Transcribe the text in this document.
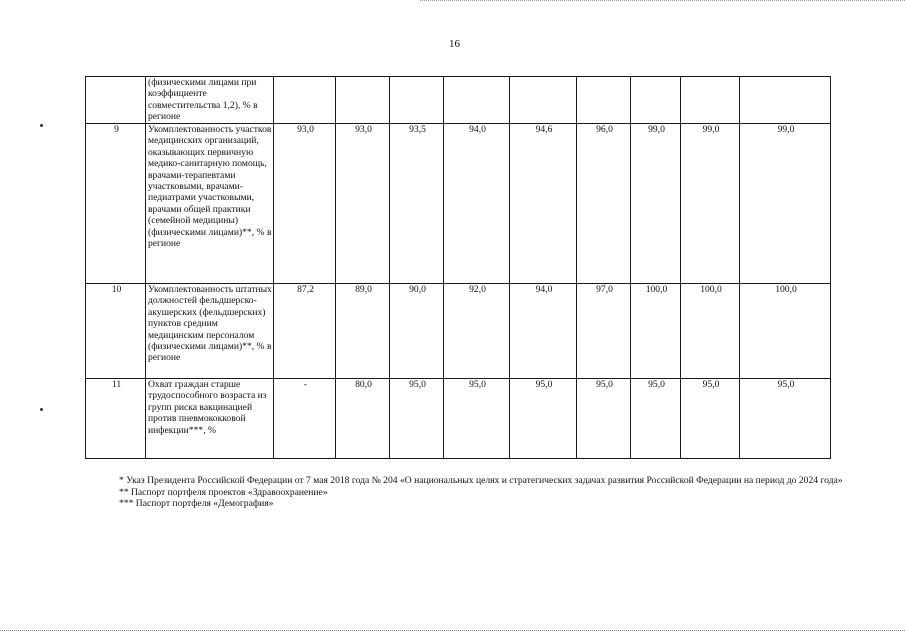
16
	(физическими лицами при коэффициенте совместительства 1,2), % в регионе									
9	Укомплектованность участков медицинских организаций, оказывающих первичную медико-санитарную помощь, врачами-терапевтами участковыми, врачами-педиатрами участковыми, врачами общей практики (семейной медицины) (физическими лицами)**, % в регионе	93,0	93,0	93,5	94,0	94,6	96,0	99,0	99,0	99,0
10	Укомплектованность штатных должностей фельдшерско-акушерских (фельдшерских) пунктов средним медицинским персоналом (физическими лицами)**, % в регионе	87,2	89,0	90,0	92,0	94,0	97,0	100,0	100,0	100,0
11	Охват граждан старше трудоспособного возраста из групп риска вакцинацией против пневмококковой инфекции***, %	-	80,0	95,0	95,0	95,0	95,0	95,0	95,0	95,0

* Указ Президента Российской Федерации от 7 мая 2018 года № 204 «О национальных целях и стратегических задачах развития Российской Федерации на период до 2024 года»

** Паспорт портфеля проектов «Здравоохранение»

*** Паспорт портфеля «Демография»
